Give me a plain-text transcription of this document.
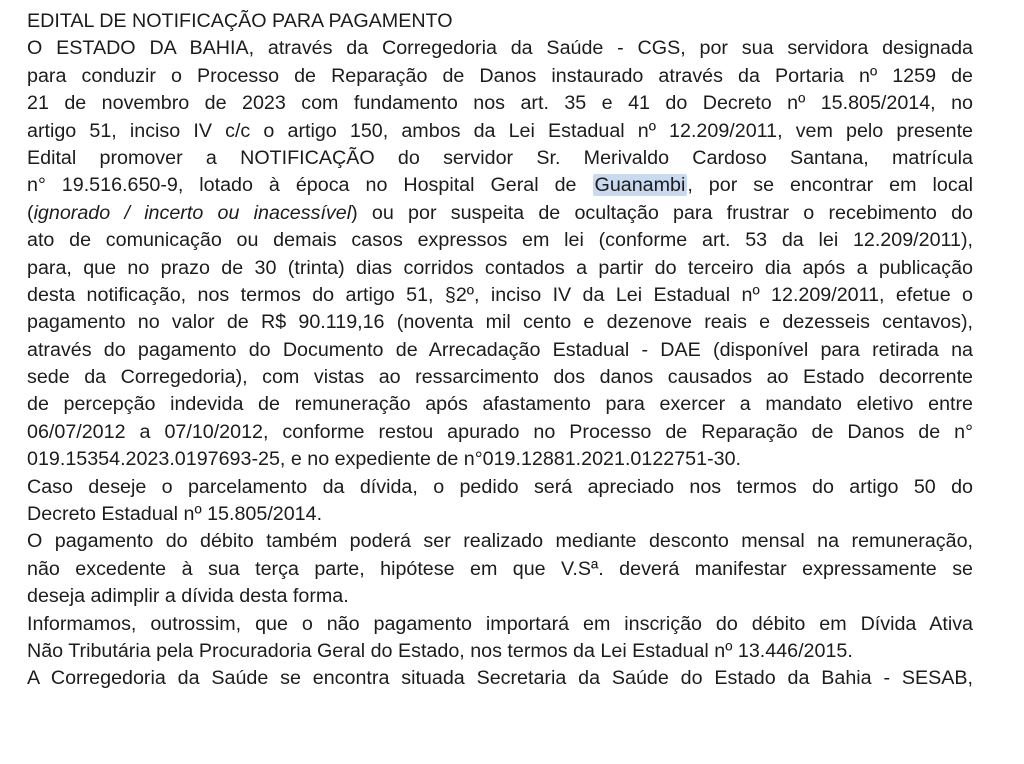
EDITAL DE NOTIFICAÇÃO PARA PAGAMENTO
O ESTADO DA BAHIA, através da Corregedoria da Saúde - CGS, por sua servidora designada
para conduzir o Processo de Reparação de Danos instaurado através da Portaria nº 1259 de
21 de novembro de 2023 com fundamento nos art. 35 e 41 do Decreto nº 15.805/2014, no
artigo 51, inciso IV c/c o artigo 150, ambos da Lei Estadual nº 12.209/2011, vem pelo presente
Edital promover a NOTIFICAÇÃO do servidor Sr. Merivaldo Cardoso Santana, matrícula
n° 19.516.650-9, lotado à época no Hospital Geral de Guanambi , por se encontrar em local
(ignorado / incerto ou inacessível) ou por suspeita de ocultação para frustrar o recebimento do
ato de comunicação ou demais casos expressos em lei (conforme art. 53 da lei 12.209/2011),
para, que no prazo de 30 (trinta) dias corridos contados a partir do terceiro dia após a publicação
desta notificação, nos termos do artigo 51, §2º, inciso IV da Lei Estadual nº 12.209/2011, efetue o
pagamento no valor de R$ 90.119,16 (noventa mil cento e dezenove reais e dezesseis centavos),
através do pagamento do Documento de Arrecadação Estadual - DAE (disponível para retirada na
sede da Corregedoria), com vistas ao ressarcimento dos danos causados ao Estado decorrente
de percepção indevida de remuneração após afastamento para exercer a mandato eletivo entre
06/07/2012 a 07/10/2012, conforme restou apurado no Processo de Reparação de Danos de n°
019.15354.2023.0197693-25, e no expediente de n°019.12881.2021.0122751-30.
Caso deseje o parcelamento da dívida, o pedido será apreciado nos termos do artigo 50 do
Decreto Estadual nº 15.805/2014.
O pagamento do débito também poderá ser realizado mediante desconto mensal na remuneração,
não excedente à sua terça parte, hipótese em que V.Sª. deverá manifestar expressamente se
deseja adimplir a dívida desta forma.
Informamos, outrossim, que o não pagamento importará em inscrição do débito em Dívida Ativa
Não Tributária pela Procuradoria Geral do Estado, nos termos da Lei Estadual nº 13.446/2015.
A Corregedoria da Saúde se encontra situada Secretaria da Saúde do Estado da Bahia - SESAB,
